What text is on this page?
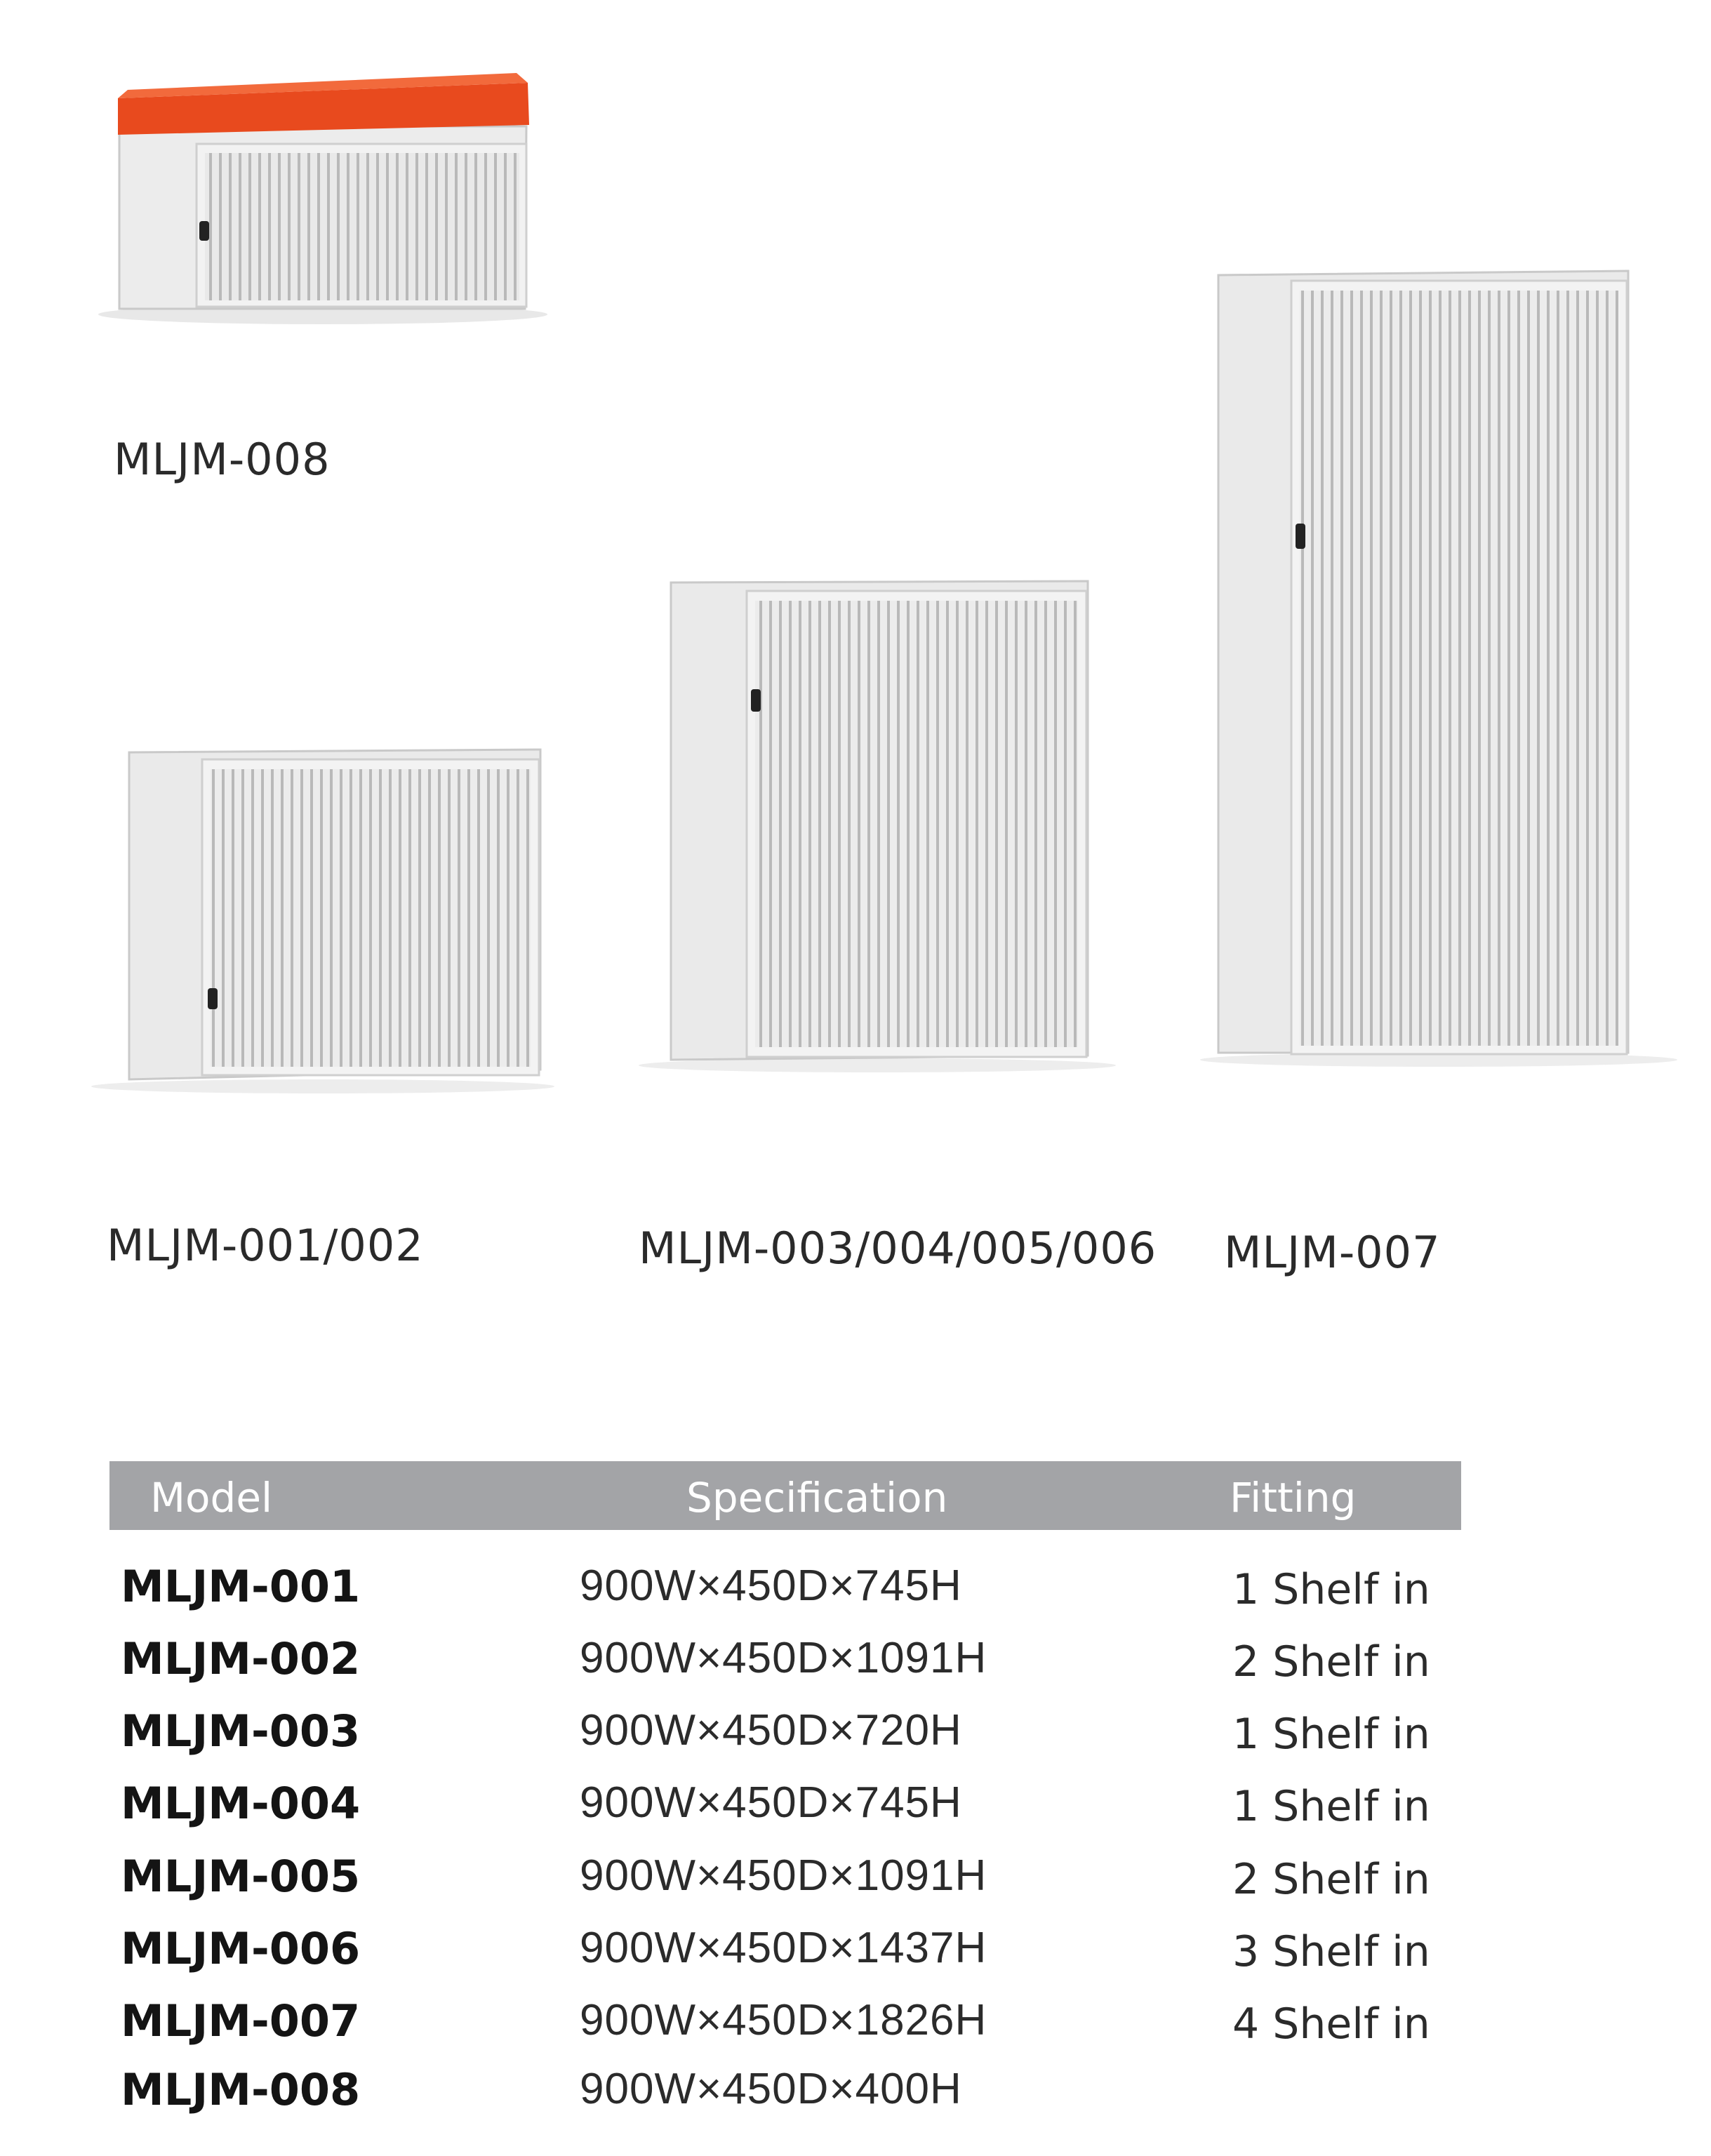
MLJM-008
MLJM-001/002	MLJM-003/004/005/006 MLJM-007
Model	Specification	Fitting
MLJM-001	900W×450D×745H	1 Shelf in
MLJM-002	900W×450D×1091H	2 Shelf in
MLJM-003	900W×450D×720H	1 Shelf in
MLJM-004	900W×450D×745H	1 Shelf in
MLJM-005	900W×450D×1091H	2 Shelf in
MLJM-006	900W×450D×1437H	3 Shelf in
MLJM-007	900W×450D×1826H	4 Shelf in
MLJM-008	900W×450D×400H
